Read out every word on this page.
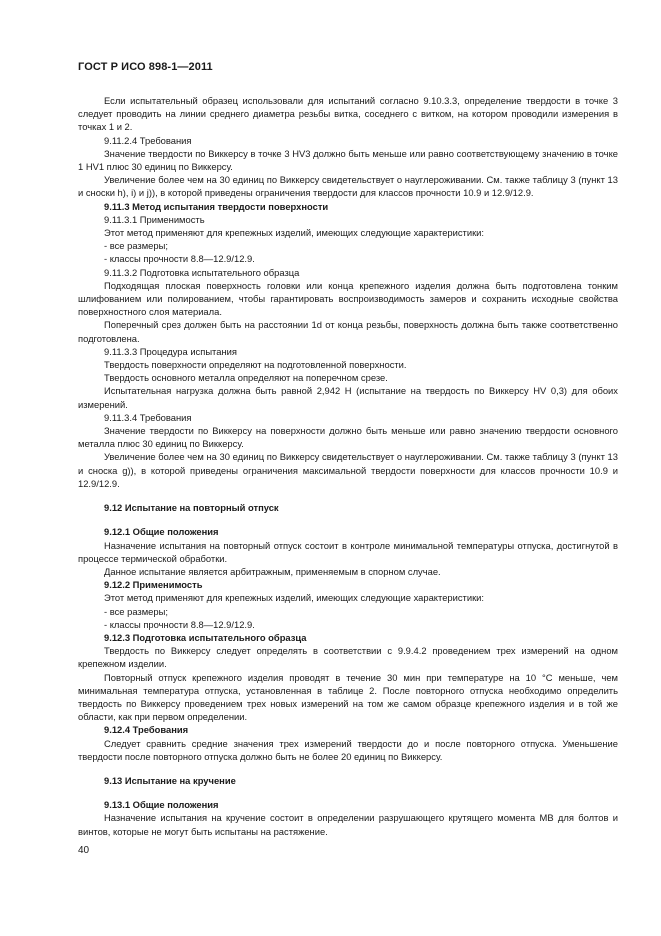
ГОСТ Р ИСО 898-1—2011

Если испытательный образец использовали для испытаний согласно 9.10.3.3, определение твердости в точке 3 следует проводить на линии среднего диаметра резьбы витка, соседнего с витком, на котором проводили измерения в точках 1 и 2.

9.11.2.4 Требования

Значение твердости по Виккерсу в точке 3 HV3 должно быть меньше или равно соответствующему значению в точке 1 HV1 плюс 30 единиц по Виккерсу.

Увеличение более чем на 30 единиц по Виккерсу свидетельствует о науглероживании. См. также таблицу 3 (пункт 13 и сноски h), i) и j)), в которой приведены ограничения твердости для классов прочности 10.9 и 12.9/12.9.

9.11.3 Метод испытания твердости поверхности

9.11.3.1 Применимость

Этот метод применяют для крепежных изделий, имеющих следующие характеристики:

- все размеры;

- классы прочности 8.8—12.9/12.9.

9.11.3.2 Подготовка испытательного образца

Подходящая плоская поверхность головки или конца крепежного изделия должна быть подготовлена тонким шлифованием или полированием, чтобы гарантировать воспроизводимость замеров и сохранить исходные свойства поверхностного слоя материала.

Поперечный срез должен быть на расстоянии 1d от конца резьбы, поверхность должна быть также соответственно подготовлена.

9.11.3.3 Процедура испытания

Твердость поверхности определяют на подготовленной поверхности.

Твердость основного металла определяют на поперечном срезе.

Испытательная нагрузка должна быть равной 2,942 Н (испытание на твердость по Виккерсу HV 0,3) для обоих измерений.

9.11.3.4 Требования

Значение твердости по Виккерсу на поверхности должно быть меньше или равно значению твердости основного металла плюс 30 единиц по Виккерсу.

Увеличение более чем на 30 единиц по Виккерсу свидетельствует о науглероживании. См. также таблицу 3 (пункт 13 и сноска g)), в которой приведены ограничения максимальной твердости поверхности для классов прочности 10.9 и 12.9/12.9.

9.12 Испытание на повторный отпуск

9.12.1 Общие положения

Назначение испытания на повторный отпуск состоит в контроле минимальной температуры отпуска, достигнутой в процессе термической обработки.

Данное испытание является арбитражным, применяемым в спорном случае.

9.12.2 Применимость

Этот метод применяют для крепежных изделий, имеющих следующие характеристики:

- все размеры;

- классы прочности 8.8—12.9/12.9.

9.12.3 Подготовка испытательного образца

Твердость по Виккерсу следует определять в соответствии с 9.9.4.2 проведением трех измерений на одном крепежном изделии.

Повторный отпуск крепежного изделия проводят в течение 30 мин при температуре на 10 °С меньше, чем минимальная температура отпуска, установленная в таблице 2. После повторного отпуска необходимо определить твердость по Виккерсу проведением трех новых измерений на том же самом образце крепежного изделия и в той же области, как при первом определении.

9.12.4 Требования

Следует сравнить средние значения трех измерений твердости до и после повторного отпуска. Уменьшение твердости после повторного отпуска должно быть не более 20 единиц по Виккерсу.

9.13 Испытание на кручение

9.13.1 Общие положения

Назначение испытания на кручение состоит в определении разрушающего крутящего момента MB для болтов и винтов, которые не могут быть испытаны на растяжение.

40
